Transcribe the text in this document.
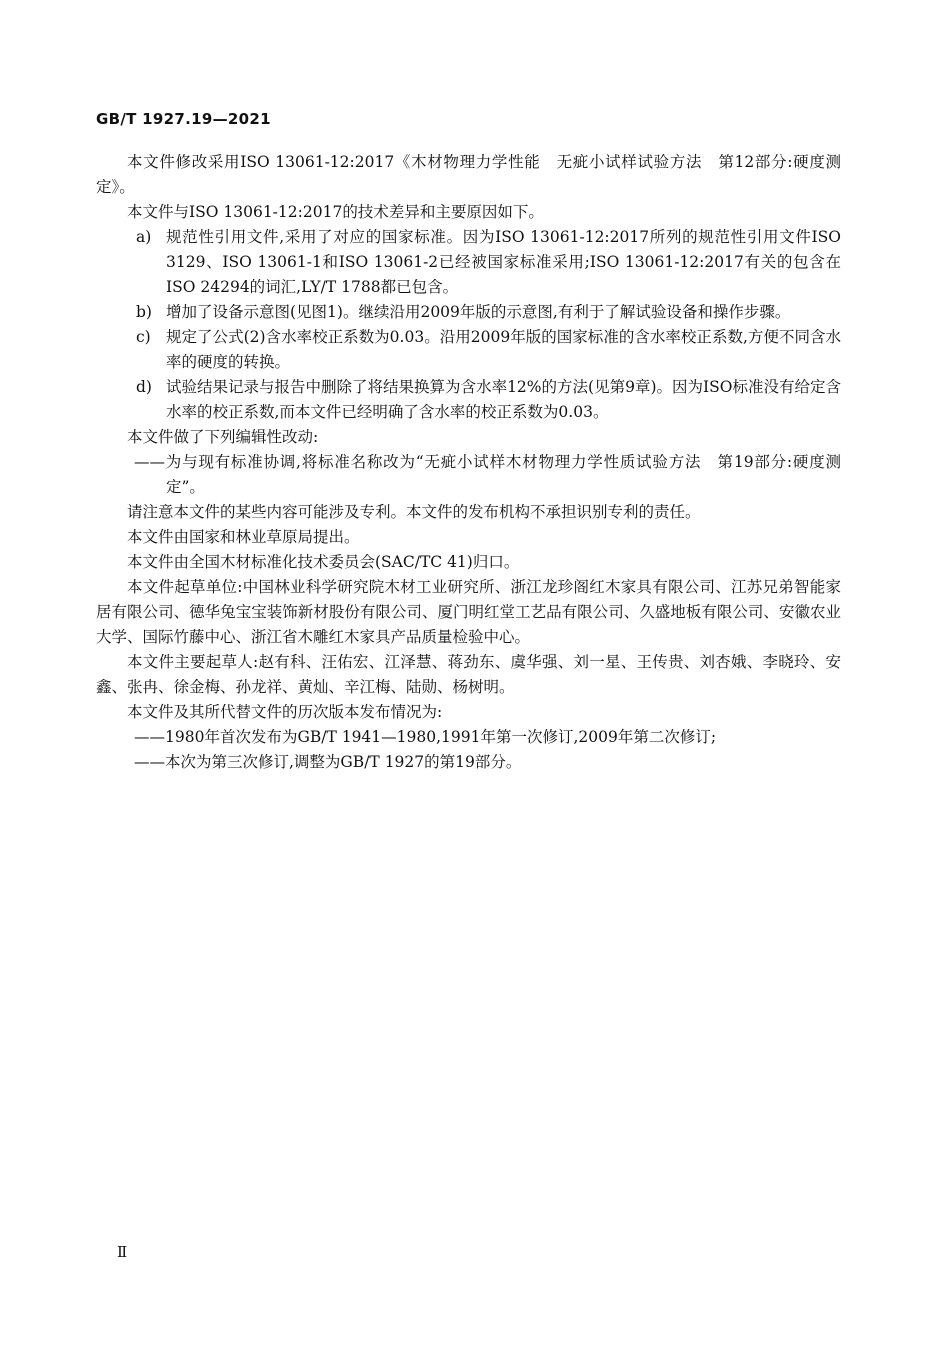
GB/T 1927.19—2021

本文件修改采用ISO 13061-12:2017《木材物理力学性能　无疵小试样试验方法　第12部分:硬度测定》。

本文件与ISO 13061-12:2017的技术差异和主要原因如下。

a) 规范性引用文件,采用了对应的国家标准。因为ISO 13061-12:2017所列的规范性引用文件ISO 3129、ISO 13061-1和ISO 13061-2已经被国家标准采用;ISO 13061-12:2017有关的包含在ISO 24294的词汇,LY/T 1788都已包含。
b) 增加了设备示意图(见图1)。继续沿用2009年版的示意图,有利于了解试验设备和操作步骤。
c) 规定了公式(2)含水率校正系数为0.03。沿用2009年版的国家标准的含水率校正系数,方便不同含水率的硬度的转换。
d) 试验结果记录与报告中删除了将结果换算为含水率12%的方法(见第9章)。因为ISO标准没有给定含水率的校正系数,而本文件已经明确了含水率的校正系数为0.03。

本文件做了下列编辑性改动:

——为与现有标准协调,将标准名称改为“无疵小试样木材物理力学性质试验方法　第19部分:硬度测定”。

请注意本文件的某些内容可能涉及专利。本文件的发布机构不承担识别专利的责任。

本文件由国家和林业草原局提出。

本文件由全国木材标准化技术委员会(SAC/TC 41)归口。

本文件起草单位:中国林业科学研究院木材工业研究所、浙江龙珍阁红木家具有限公司、江苏兄弟智能家居有限公司、德华兔宝宝装饰新材股份有限公司、厦门明红堂工艺品有限公司、久盛地板有限公司、安徽农业大学、国际竹藤中心、浙江省木雕红木家具产品质量检验中心。

本文件主要起草人:赵有科、汪佑宏、江泽慧、蒋劲东、虞华强、刘一星、王传贵、刘杏娥、李晓玲、安鑫、张冉、徐金梅、孙龙祥、黄灿、辛江梅、陆勋、杨树明。

本文件及其所代替文件的历次版本发布情况为:

——1980年首次发布为GB/T 1941—1980,1991年第一次修订,2009年第二次修订;

——本次为第三次修订,调整为GB/T 1927的第19部分。

Ⅱ
